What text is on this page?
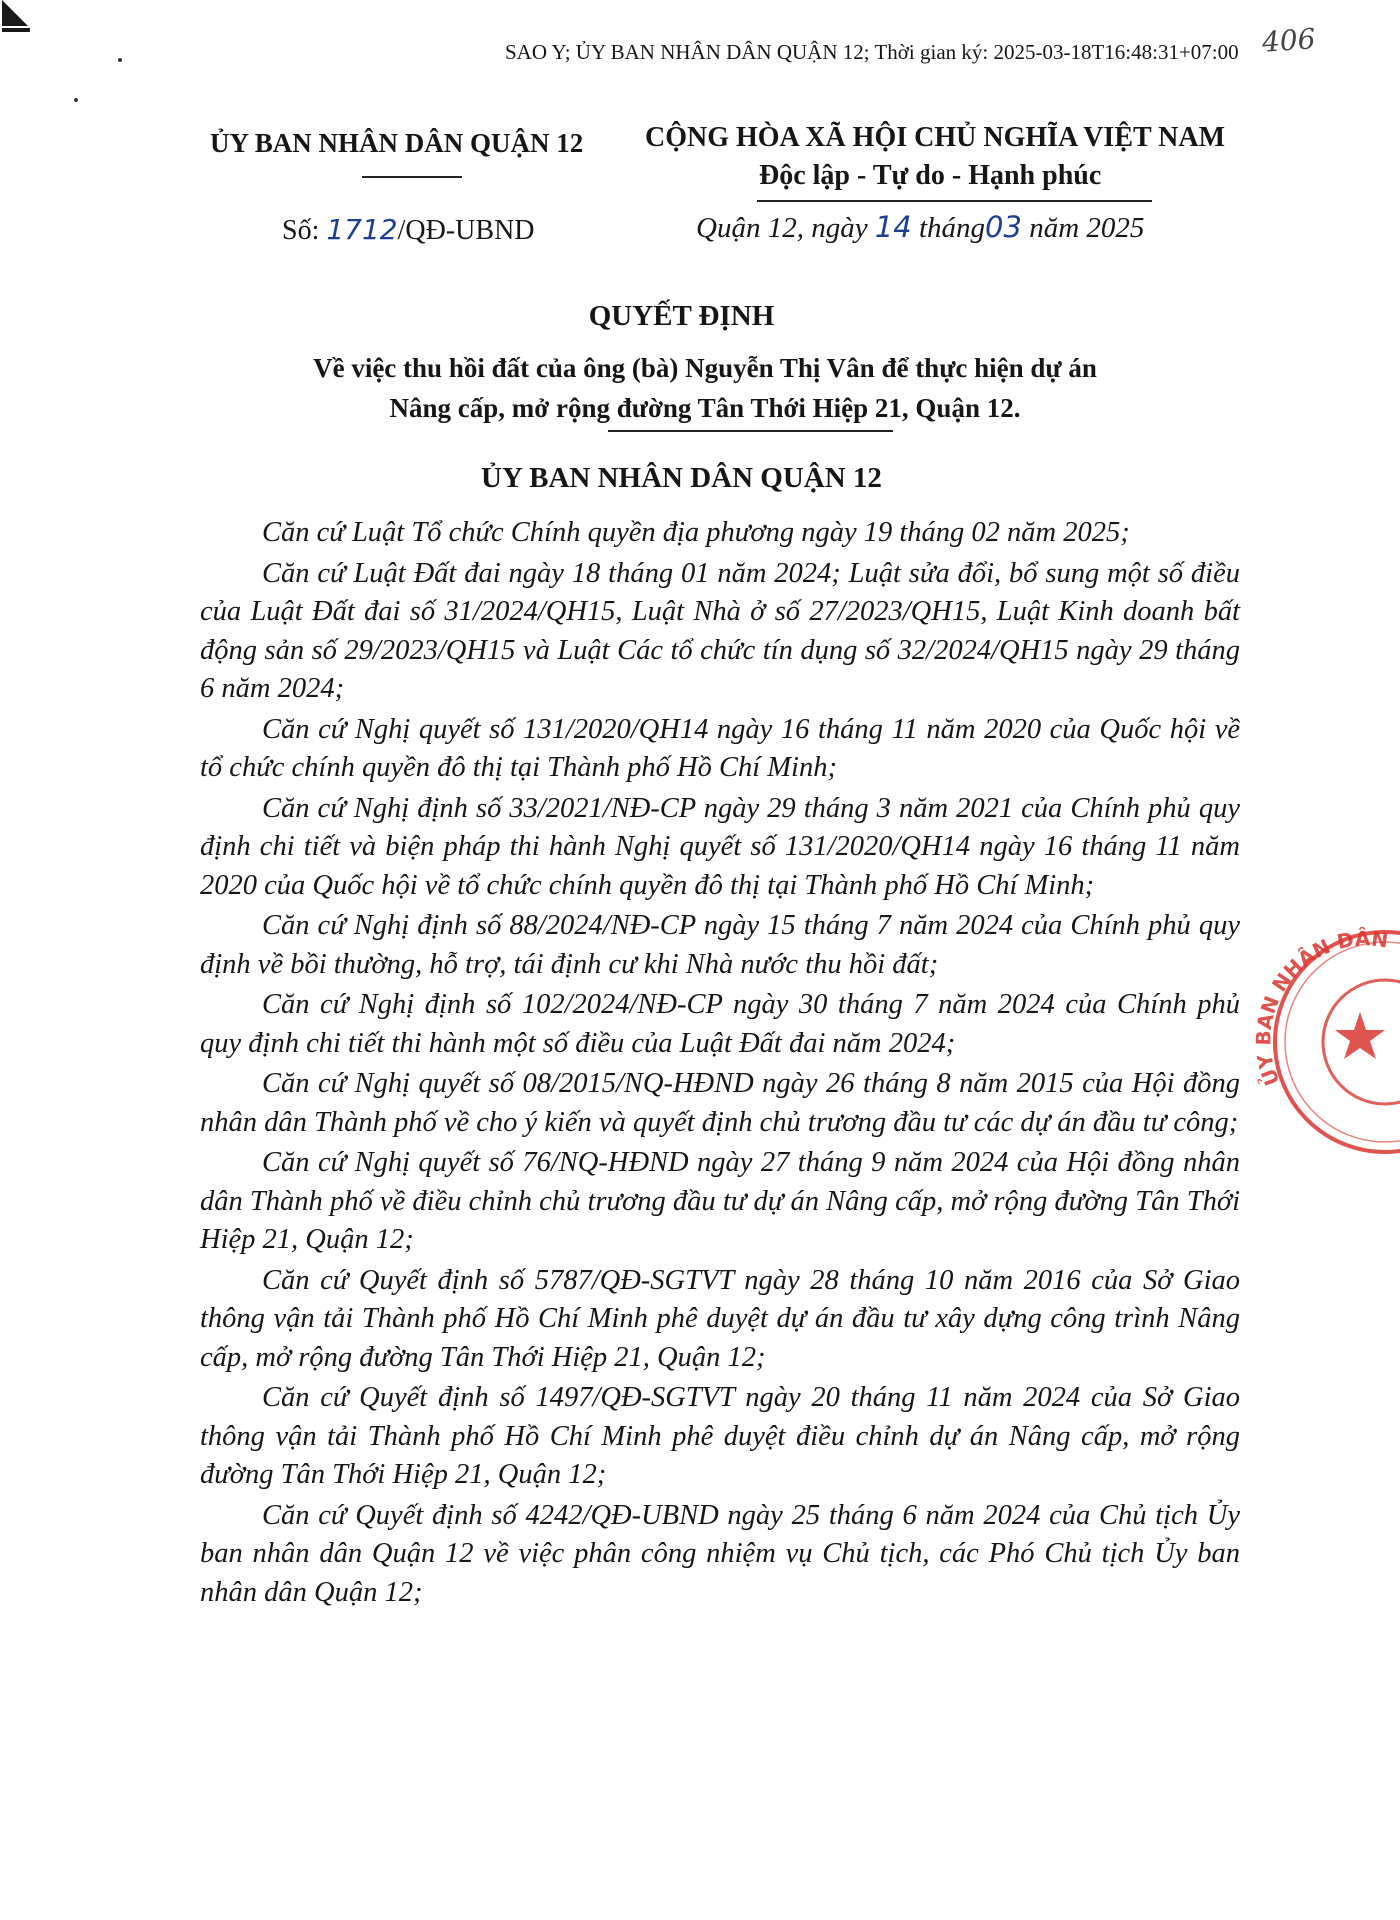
SAO Y; ỦY BAN NHÂN DÂN QUẬN 12; Thời gian ký: 2025-03-18T16:48:31+07:00 406
ỦY BAN NHÂN DÂN QUẬN 12 CỘNG HÒA XÃ HỘI CHỦ NGHĨA VIỆT NAM
Độc lập - Tự do - Hạnh phúc
Số: 1712/QĐ-UBND	Quận 12, ngày 14 tháng03 năm 2025
QUYẾT ĐỊNH
Về việc thu hồi đất của ông (bà) Nguyễn Thị Vân để thực hiện dự án
Nâng cấp, mở rộng đường Tân Thới Hiệp 21, Quận 12.
ỦY BAN NHÂN DÂN QUẬN 12

Căn cứ Luật Tổ chức Chính quyền địa phương ngày 19 tháng 02 năm 2025;

Căn cứ Luật Đất đai ngày 18 tháng 01 năm 2024; Luật sửa đổi, bổ sung một số điều của Luật Đất đai số 31/2024/QH15, Luật Nhà ở số 27/2023/QH15, Luật Kinh doanh bất động sản số 29/2023/QH15 và Luật Các tổ chức tín dụng số 32/2024/QH15 ngày 29 tháng 6 năm 2024;

Căn cứ Nghị quyết số 131/2020/QH14 ngày 16 tháng 11 năm 2020 của Quốc hội về tổ chức chính quyền đô thị tại Thành phố Hồ Chí Minh;

Căn cứ Nghị định số 33/2021/NĐ-CP ngày 29 tháng 3 năm 2021 của Chính phủ quy định chi tiết và biện pháp thi hành Nghị quyết số 131/2020/QH14 ngày 16 tháng 11 năm 2020 của Quốc hội về tổ chức chính quyền đô thị tại Thành phố Hồ Chí Minh;

Căn cứ Nghị định số 88/2024/NĐ-CP ngày 15 tháng 7 năm 2024 của Chính phủ quy định về bồi thường, hỗ trợ, tái định cư khi Nhà nước thu hồi đất;

Căn cứ Nghị định số 102/2024/NĐ-CP ngày 30 tháng 7 năm 2024 của Chính phủ quy định chi tiết thi hành một số điều của Luật Đất đai năm 2024;

Căn cứ Nghị quyết số 08/2015/NQ-HĐND ngày 26 tháng 8 năm 2015 của Hội đồng nhân dân Thành phố về cho ý kiến và quyết định chủ trương đầu tư các dự án đầu tư công;

Căn cứ Nghị quyết số 76/NQ-HĐND ngày 27 tháng 9 năm 2024 của Hội đồng nhân dân Thành phố về điều chỉnh chủ trương đầu tư dự án Nâng cấp, mở rộng đường Tân Thới Hiệp 21, Quận 12;

Căn cứ Quyết định số 5787/QĐ-SGTVT ngày 28 tháng 10 năm 2016 của Sở Giao thông vận tải Thành phố Hồ Chí Minh phê duyệt dự án đầu tư xây dựng công trình Nâng cấp, mở rộng đường Tân Thới Hiệp 21, Quận 12;

Căn cứ Quyết định số 1497/QĐ-SGTVT ngày 20 tháng 11 năm 2024 của Sở Giao thông vận tải Thành phố Hồ Chí Minh phê duyệt điều chỉnh dự án Nâng cấp, mở rộng đường Tân Thới Hiệp 21, Quận 12;

Căn cứ Quyết định số 4242/QĐ-UBND ngày 25 tháng 6 năm 2024 của Chủ tịch Ủy ban nhân dân Quận 12 về việc phân công nhiệm vụ Chủ tịch, các Phó Chủ tịch Ủy ban nhân dân Quận 12;

ỦY BAN NHÂN DÂN QUẬN
